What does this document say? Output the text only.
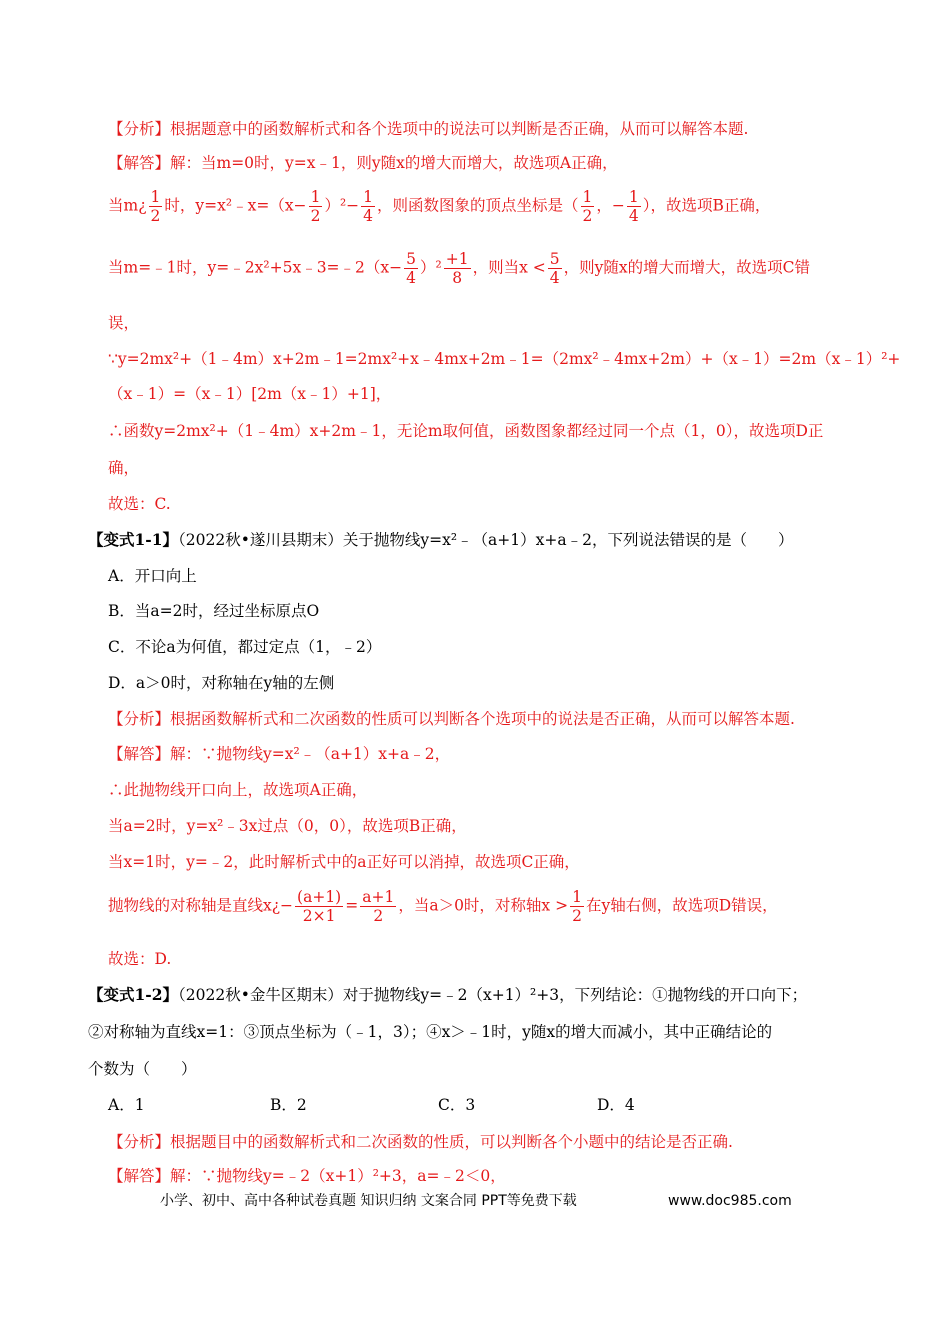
【分析】根据题意中的函数解析式和各个选项中的说法可以判断是否正确，从而可以解答本题.
【解答】解：当m=0时，y=x﹣1，则y随x的增大而增大，故选项A正确，
当m¿ $\frac{1}{2}$ 时，y=x²﹣x=（x− $\frac{1}{2} )^2- \frac{1}{4}$ ，则函数图象的顶点坐标是（ $\frac{1}{2}$ ，− $\frac{1}{4}$ ），故选项B正确，
当m=﹣1时，y=﹣2x²+5x﹣3=﹣2（x− $\frac{5}{4} )^2 \frac{+1}{8}$ ，则当$x < \frac{5}{4}$ ，则y随x的增大而增大，故选项C错
误，
∵y=2mx²+（1﹣4m）x+2m﹣1=2mx²+x﹣4mx+2m﹣1=（2mx²﹣4mx+2m）+（x﹣1）=2m（x﹣1）²+
（x﹣1）=（x﹣1）[2m（x﹣1）+1]，
∴函数y=2mx²+（1﹣4m）x+2m﹣1，无论m取何值，函数图象都经过同一个点（1，0），故选项D正
确，
故选：C.
【变式1-1】（2022秋•遂川县期末）关于抛物线y=x²﹣（a+1）x+a﹣2，下列说法错误的是（　　）
A．开口向上
B．当a=2时，经过坐标原点O
C．不论a为何值，都过定点（1，﹣2）
D．a＞0时，对称轴在y轴的左侧
【分析】根据函数解析式和二次函数的性质可以判断各个选项中的说法是否正确，从而可以解答本题.
【解答】解：∵抛物线y=x²﹣（a+1）x+a﹣2，
∴此抛物线开口向上，故选项A正确，
当a=2时，y=x²﹣3x过点（0，0），故选项B正确，
当x=1时，y=﹣2，此时解析式中的a正好可以消掉，故选项C正确，
抛物线的对称轴是直线x¿− $\frac{(a+1)}{2\times 1} = \frac{a+1}{2}$ ，当a＞0时，对称轴$x > \frac{1}{2}$ 在y轴右侧，故选项D错误，
故选：D.
【变式1-2】（2022秋•金牛区期末）对于抛物线y=﹣2（x+1）²+3，下列结论：①抛物线的开口向下；
②对称轴为直线x=1：③顶点坐标为（﹣1，3）；④x＞﹣1时，y随x的增大而减小，其中正确结论的
个数为（　　）
A．1	B．2	C．3	D．4
【分析】根据题目中的函数解析式和二次函数的性质，可以判断各个小题中的结论是否正确.
【解答】解：∵抛物线y=﹣2（x+1）²+3，a=﹣2＜0，
小学、初中、高中各种试卷真题 知识归纳 文案合同 PPT等免费下载	www.doc985.com
